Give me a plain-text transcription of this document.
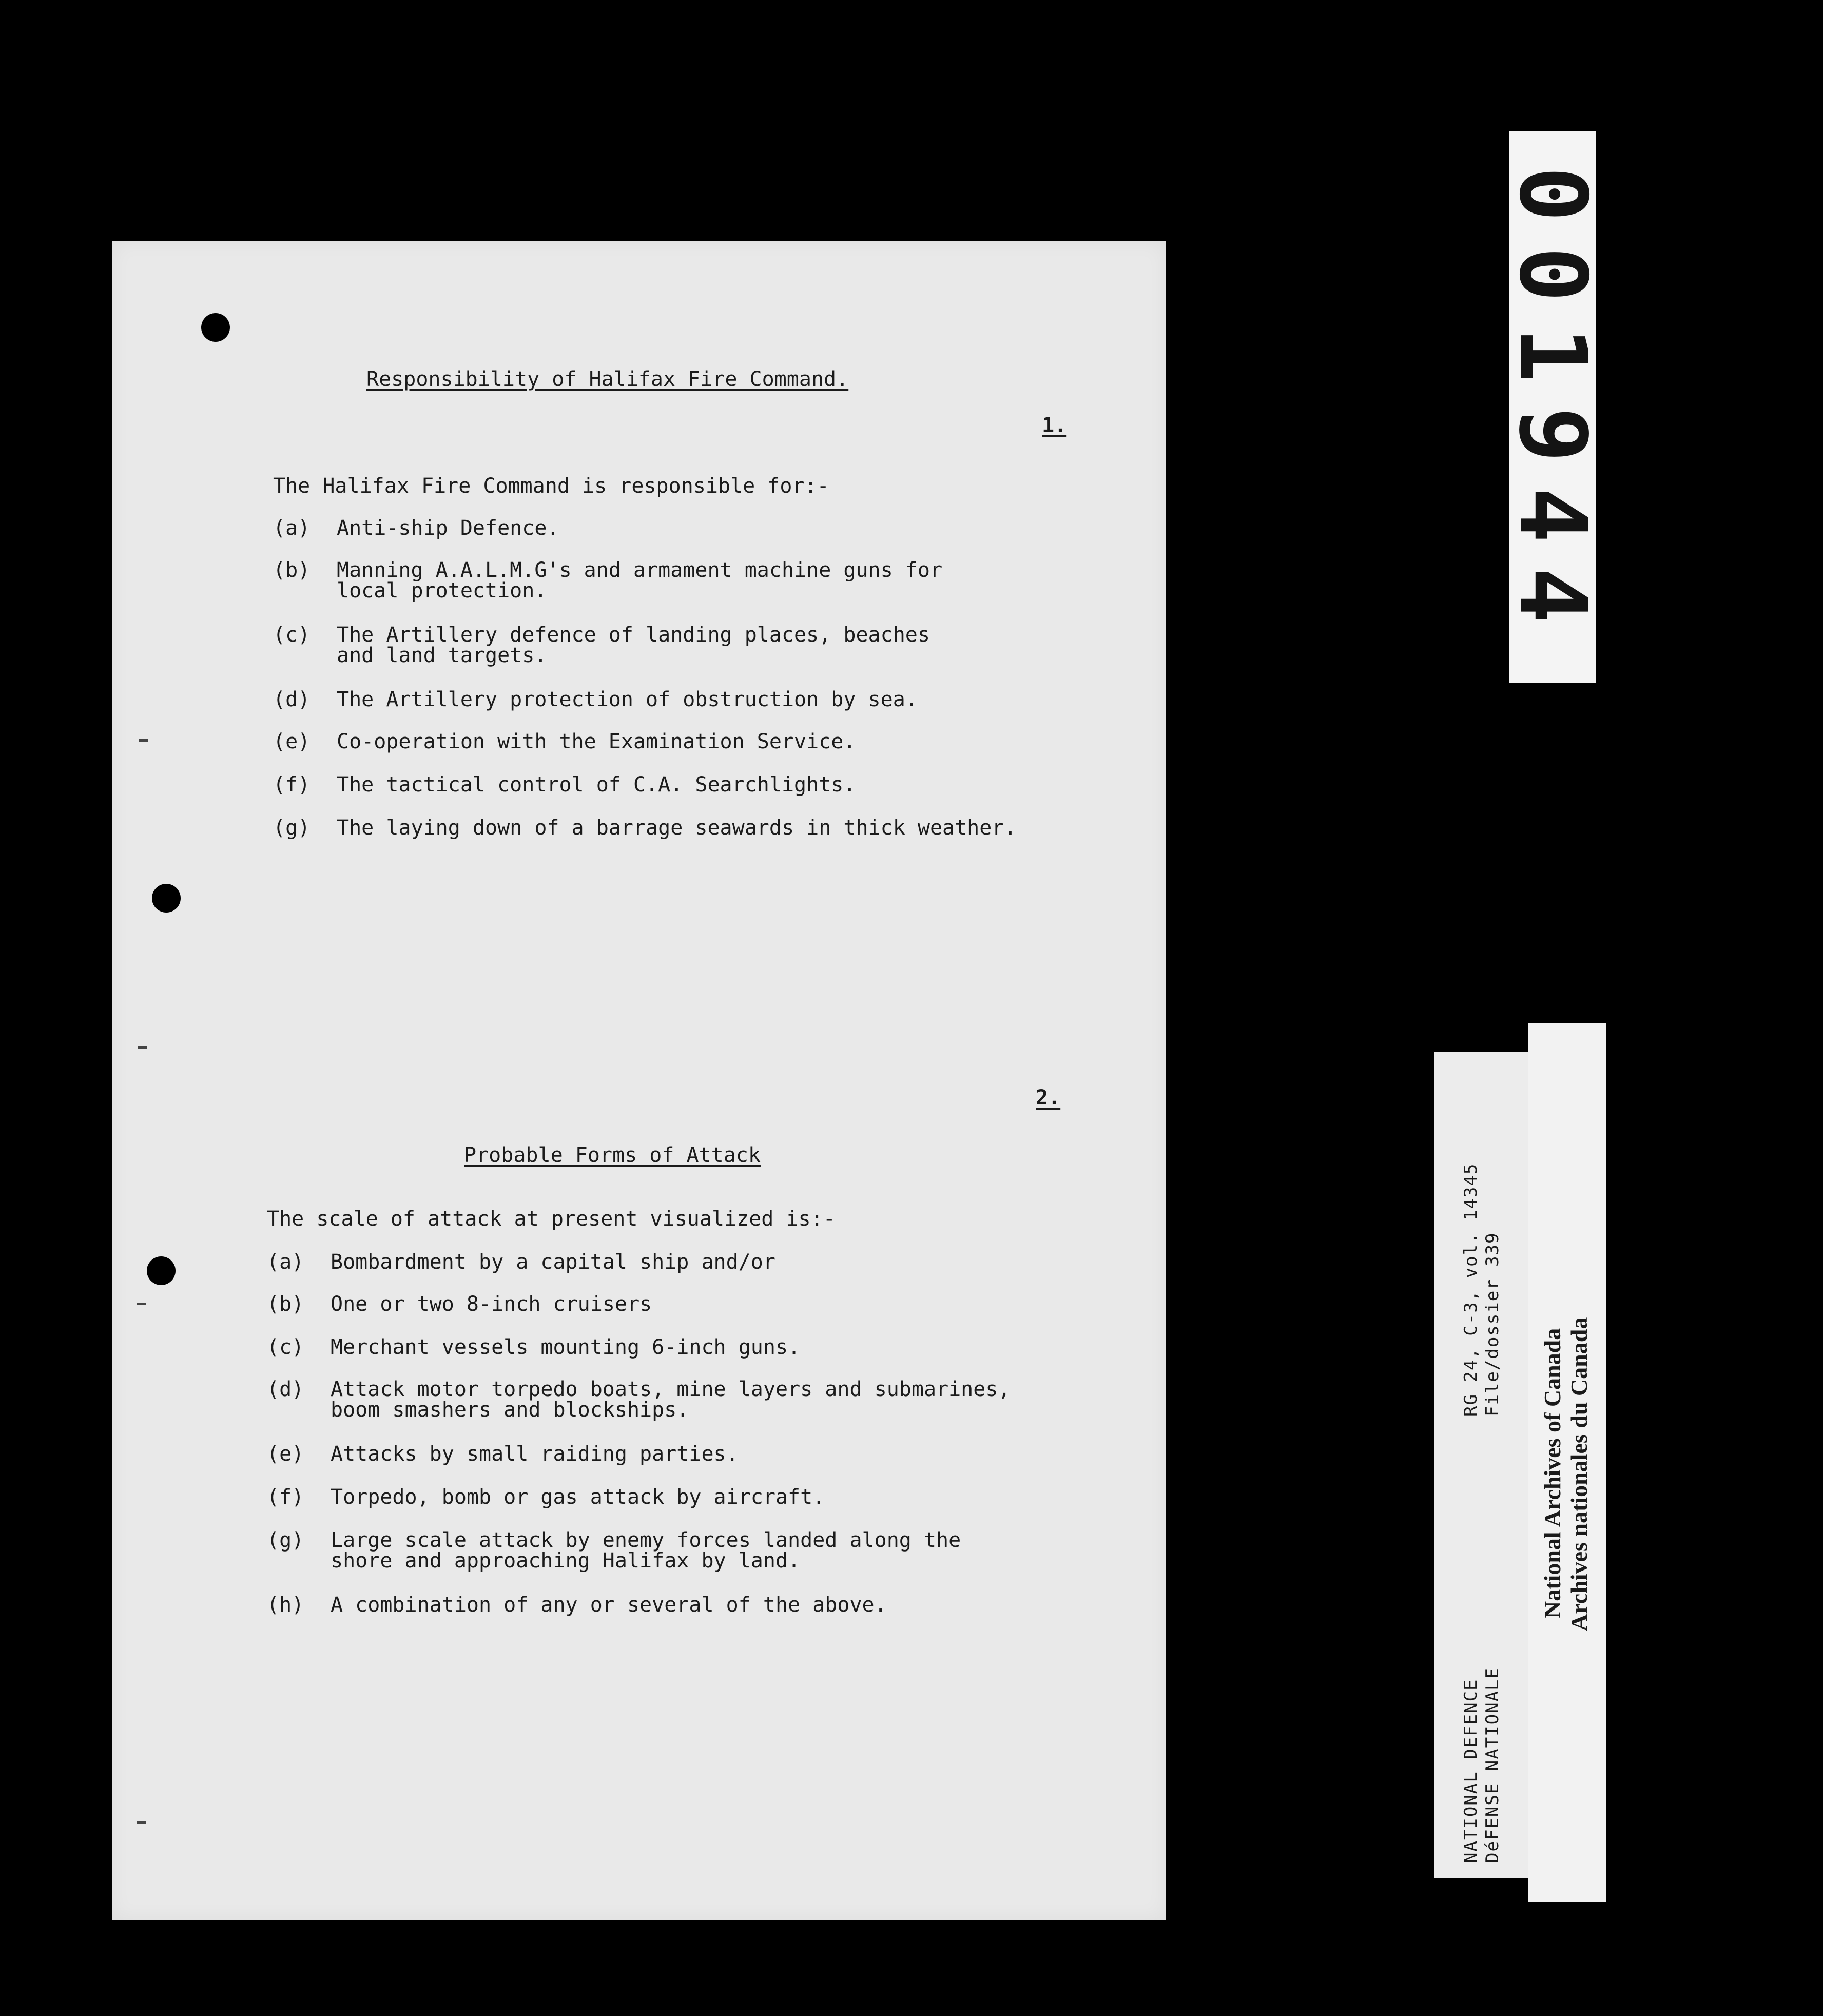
Responsibility of Halifax Fire Command.
1.
The Halifax Fire Command is responsible for:-
(a) Anti-ship Defence.
(b) Manning A.A.L.M.G's and armament machine guns for
local protection.
(c) The Artillery defence of landing places, beaches
and land targets.
(d) The Artillery protection of obstruction by sea.
(e) Co-operation with the Examination Service.
(f) The tactical control of C.A. Searchlights.
(g) The laying down of a barrage seawards in thick weather.
2.
Probable Forms of Attack
The scale of attack at present visualized is:-
(a) Bombardment by a capital ship and/or
(b) One or two 8-inch cruisers
(c) Merchant vessels mounting 6-inch guns.
(d) Attack motor torpedo boats, mine layers and submarines,
boom smashers and blockships.
(e) Attacks by small raiding parties.
(f) Torpedo, bomb or gas attack by aircraft.
(g) Large scale attack by enemy forces landed along the
shore and approaching Halifax by land.
(h) A combination of any or several of the above.
001944
RG 24, C-3, vol. 14345 File/dossier 339
NATIONAL DEFENCE DéFENSE NATIONALE
National Archives of Canada Archives nationales du Canada
